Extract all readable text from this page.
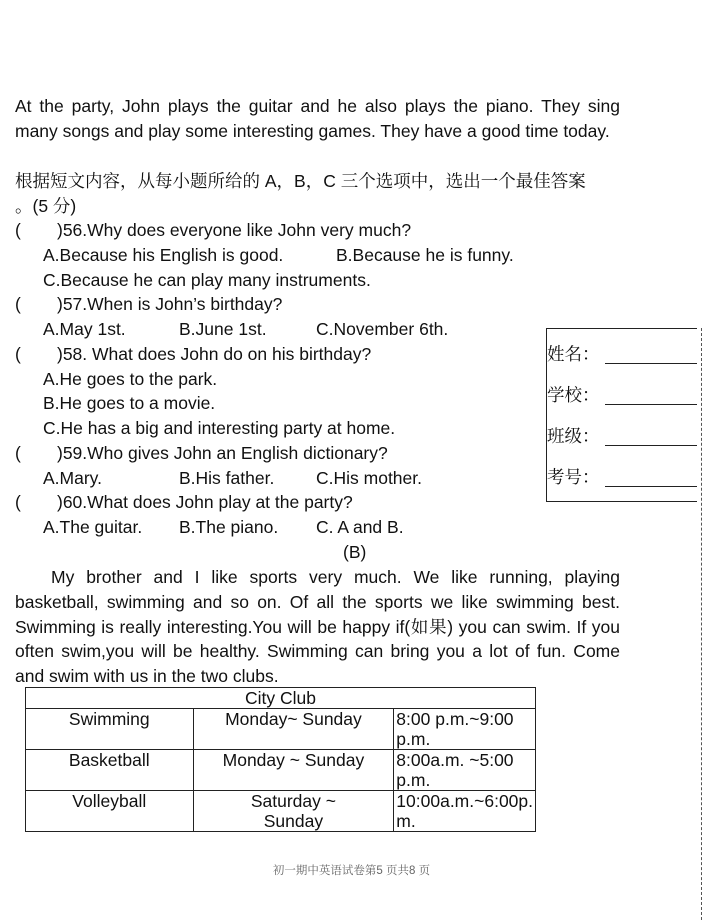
At the party, John plays the guitar and he also plays the piano. They sing many songs and play some interesting games. They have a good time today.
根据短文内容，从每小题所给的 A，B，C 三个选项中，选出一个最佳答案
。(5 分)
( )56.Why does everyone like John very much?
A.Because his English is good.	B.Because he is funny.
C.Because he can play many instruments.
( )57.When is John’s birthday?
A.May 1st.	B.June 1st.	C.November 6th.
( )58. What does John do on his birthday?
A.He goes to the park.
B.He goes to a movie.
C.He has a big and interesting party at home.
( )59.Who gives John an English dictionary?
A.Mary.	B.His father. C.His mother.
( )60.What does John play at the party?
A.The guitar. B.The piano. C. A and B.
(B)
My brother and I like sports very much. We like running, playing basketball, swimming and so on. Of all the sports we like swimming best. Swimming is really interesting.You will be happy if(如果) you can swim. If you often swim,you will be healthy. Swimming can bring you a lot of fun. Come and swim with us in the two clubs.
姓名：
学校：
班级：
考号：
City Club		
Swimming	Monday~ Sunday	8:00 p.m.~9:00 p.m.
Basketball	Monday ~ Sunday	8:00a.m. ~5:00 p.m.
Volleyball	Saturday ~ Sunday	10:00a.m.~6:00p. m.
初一期中英语试卷第5 页共8 页
